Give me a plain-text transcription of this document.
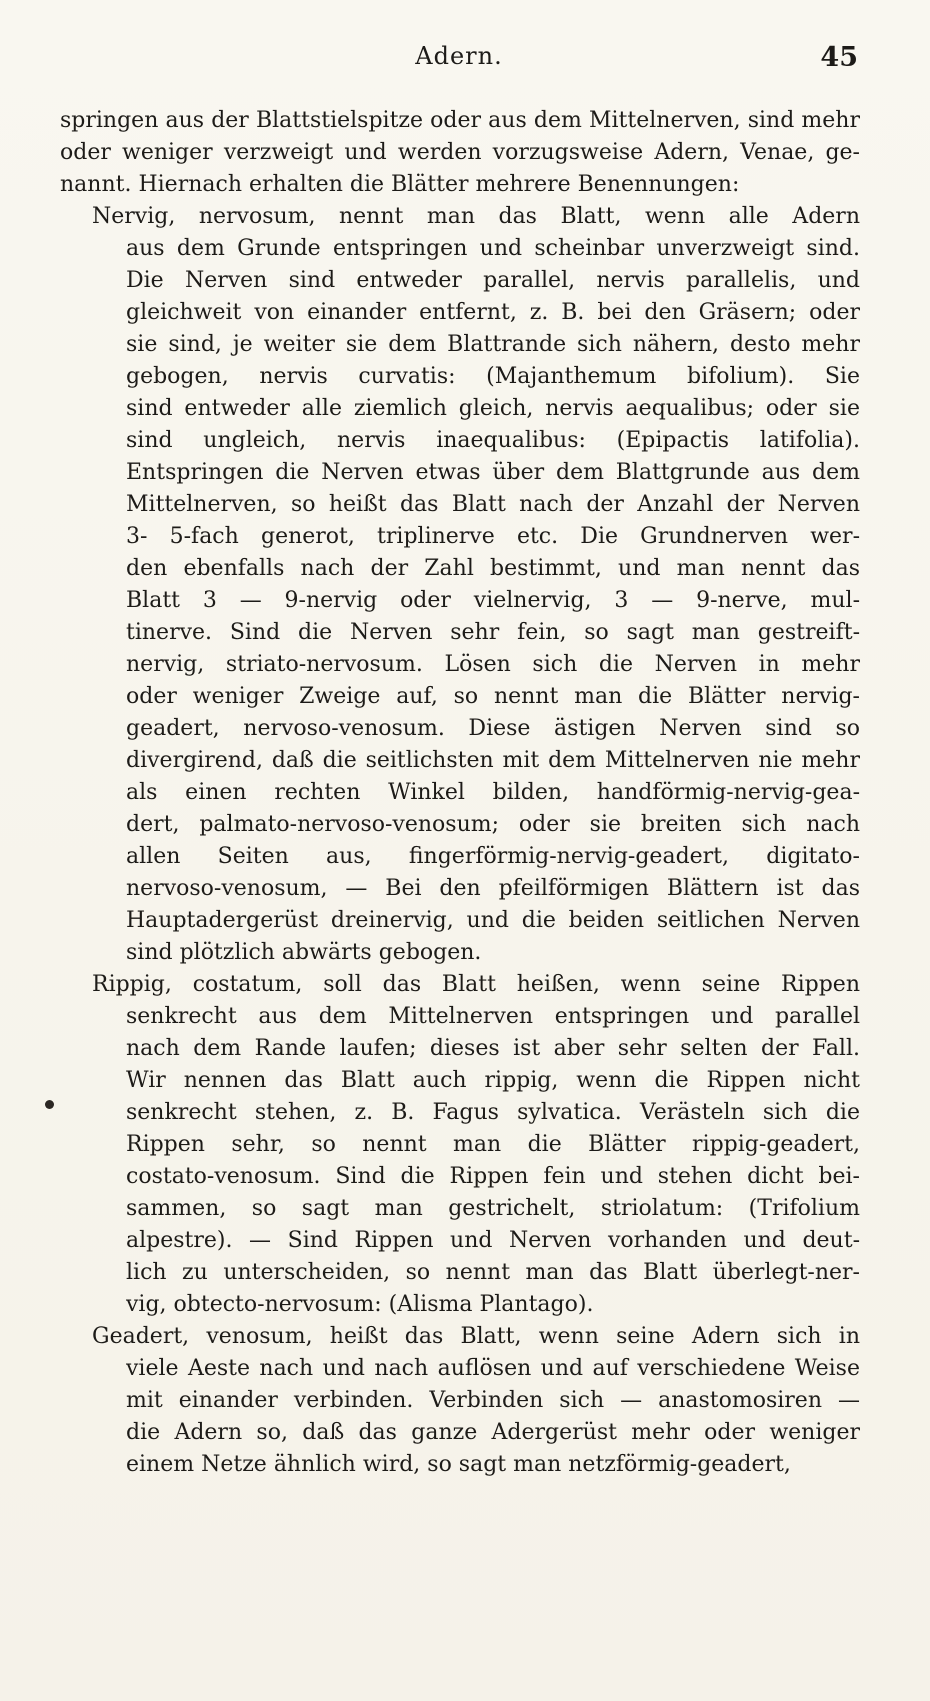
Adern.	45
springen aus der Blattstielspitze oder aus dem Mittelnerven, sind mehr
oder weniger verzweigt und werden vorzugsweise Adern, Venae, ge-
nannt. Hiernach erhalten die Blätter mehrere Benennungen:
Nervig, nervosum, nennt man das Blatt, wenn alle Adern
aus dem Grunde entspringen und scheinbar unverzweigt sind.
Die Nerven sind entweder parallel, nervis parallelis, und
gleichweit von einander entfernt, z. B. bei den Gräsern; oder
sie sind, je weiter sie dem Blattrande sich nähern, desto mehr
gebogen, nervis curvatis: (Majanthemum bifolium). Sie
sind entweder alle ziemlich gleich, nervis aequalibus; oder sie
sind ungleich, nervis inaequalibus: (Epipactis latifolia).
Entspringen die Nerven etwas über dem Blattgrunde aus dem
Mittelnerven, so heißt das Blatt nach der Anzahl der Nerven
3- 5-fach generot, triplinerve etc. Die Grundnerven wer-
den ebenfalls nach der Zahl bestimmt, und man nennt das
Blatt 3 — 9-nervig oder vielnervig, 3 — 9-nerve, mul-
tinerve. Sind die Nerven sehr fein, so sagt man gestreift-
nervig, striato-nervosum. Lösen sich die Nerven in mehr
oder weniger Zweige auf, so nennt man die Blätter nervig-
geadert, nervoso-venosum. Diese ästigen Nerven sind so
divergirend, daß die seitlichsten mit dem Mittelnerven nie mehr
als einen rechten Winkel bilden, handförmig-nervig-gea-
dert, palmato-nervoso-venosum; oder sie breiten sich nach
allen Seiten aus, fingerförmig-nervig-geadert, digitato-
nervoso-venosum, — Bei den pfeilförmigen Blättern ist das
Hauptadergerüst dreinervig, und die beiden seitlichen Nerven
sind plötzlich abwärts gebogen.
Rippig, costatum, soll das Blatt heißen, wenn seine Rippen
senkrecht aus dem Mittelnerven entspringen und parallel
nach dem Rande laufen; dieses ist aber sehr selten der Fall.
Wir nennen das Blatt auch rippig, wenn die Rippen nicht
senkrecht stehen, z. B. Fagus sylvatica. Verästeln sich die
Rippen sehr, so nennt man die Blätter rippig-geadert,
costato-venosum. Sind die Rippen fein und stehen dicht bei-
sammen, so sagt man gestrichelt, striolatum: (Trifolium
alpestre). — Sind Rippen und Nerven vorhanden und deut-
lich zu unterscheiden, so nennt man das Blatt überlegt-ner-
vig, obtecto-nervosum: (Alisma Plantago).
Geadert, venosum, heißt das Blatt, wenn seine Adern sich in
viele Aeste nach und nach auflösen und auf verschiedene Weise
mit einander verbinden. Verbinden sich — anastomosiren —
die Adern so, daß das ganze Adergerüst mehr oder weniger
einem Netze ähnlich wird, so sagt man netzförmig-geadert,
